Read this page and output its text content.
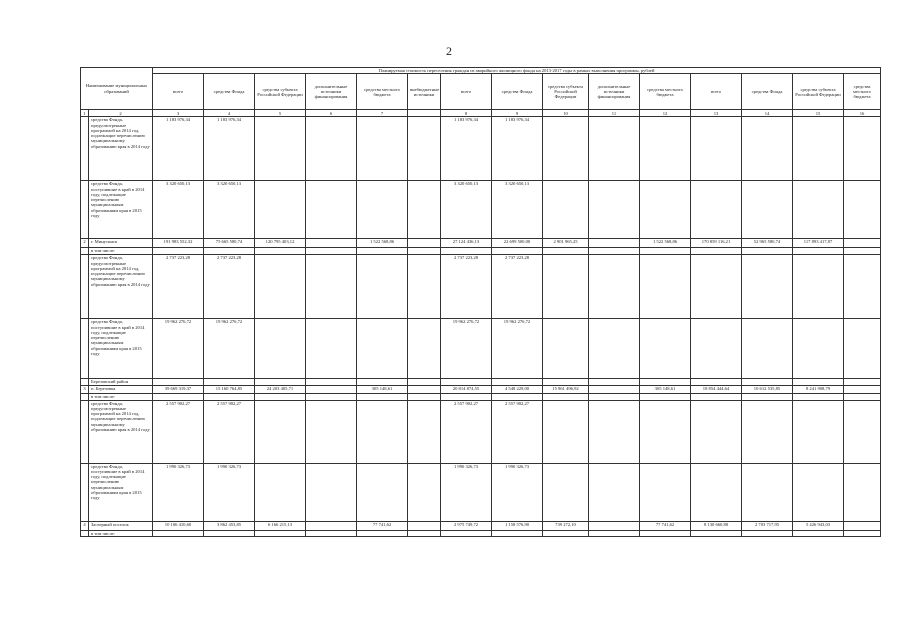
2
Наименование муниципальных образований		Планируемая стоимость переселения граждан из аварийного жилищного фонда на 2013-2017 годы в рамках выполнения программы, рублей														
		всего	средства Фонда	средства субъекта Российской Федерации	дополнительные источники финансирования	средства местного бюджета	внебюджетные источники	всего	средства Фонда	средства субъекта Российской Федерации	дополнительные источники финансирования	средства местного бюджета	всего	средства Фонда	средства субъекта Российской Федерации	средства местного бюджета
1	2	3	4	5	6	7		8	9	10	11	12	13	14	15	16
	средства Фонда, предусмотренные программой на 2014 год, подлежащие перечислению муниципальному образованию края в 2014 году	1 183 976,34	1 183 976,34					1 183 976,34	1 183 976,34							
	средства Фонда, поступившие в край в 2014 году, подлежащие перечислению муниципальным образованиям края в 2015 году	3 320 650,13	3 320 650,13					3 320 650,13	3 320 650,13							
2	г. Минусинск	191 983 552,32	75 665 580,74	120 795 403,12		1 522 568,86		27 124 436,13	22 699 500,00	2 901 965,25		1 522 568,86	170 859 116,21	52 965 580,74	117 893 417,87	
	в том числе:															
	средства Фонда, предусмотренные программой на 2014 год, подлежащие перечислению муниципальному образованию края в 2014 году	2 737 223,28	2 737 223,28					2 737 223,28	2 737 223,28							
	средства Фонда, поступившие в край в 2014 году, подлежащие перечислению муниципальным образованиям края в 2015 году	19 962 276,72	19 962 276,72					19 962 276,72	19 962 276,72							
	Березовский район															
3	п. Березовка	39 669 319,37	15 160 764,85	24 203 405,71		305 148,61		20 814 874,55	4 548 229,00	15 961 496,92		305 148,61	18 854 444,64	10 612 535,85	8 241 908,79	
	в том числе:															
	средства Фонда, предусмотренные программой на 2014 год, подлежащие перечислению муниципальному образованию края в 2014 году	2 557 902,27	2 557 902,27					2 557 902,27	2 557 902,27							
	средства Фонда, поступившие в край в 2014 году, подлежащие перечислению муниципальным образованиям края в 2015 году	1 990 326,73	1 990 326,73					1 990 326,73	1 990 326,73							
4	Заозерный поселок	10 106 410,60	3 862 453,85	6 166 215,13		77 741,62		2 975 749,72	1 158 576,90	739 272,10		77 741,62	8 130 660,88	2 703 717,95	5 426 943,03	
	в том числе:															
